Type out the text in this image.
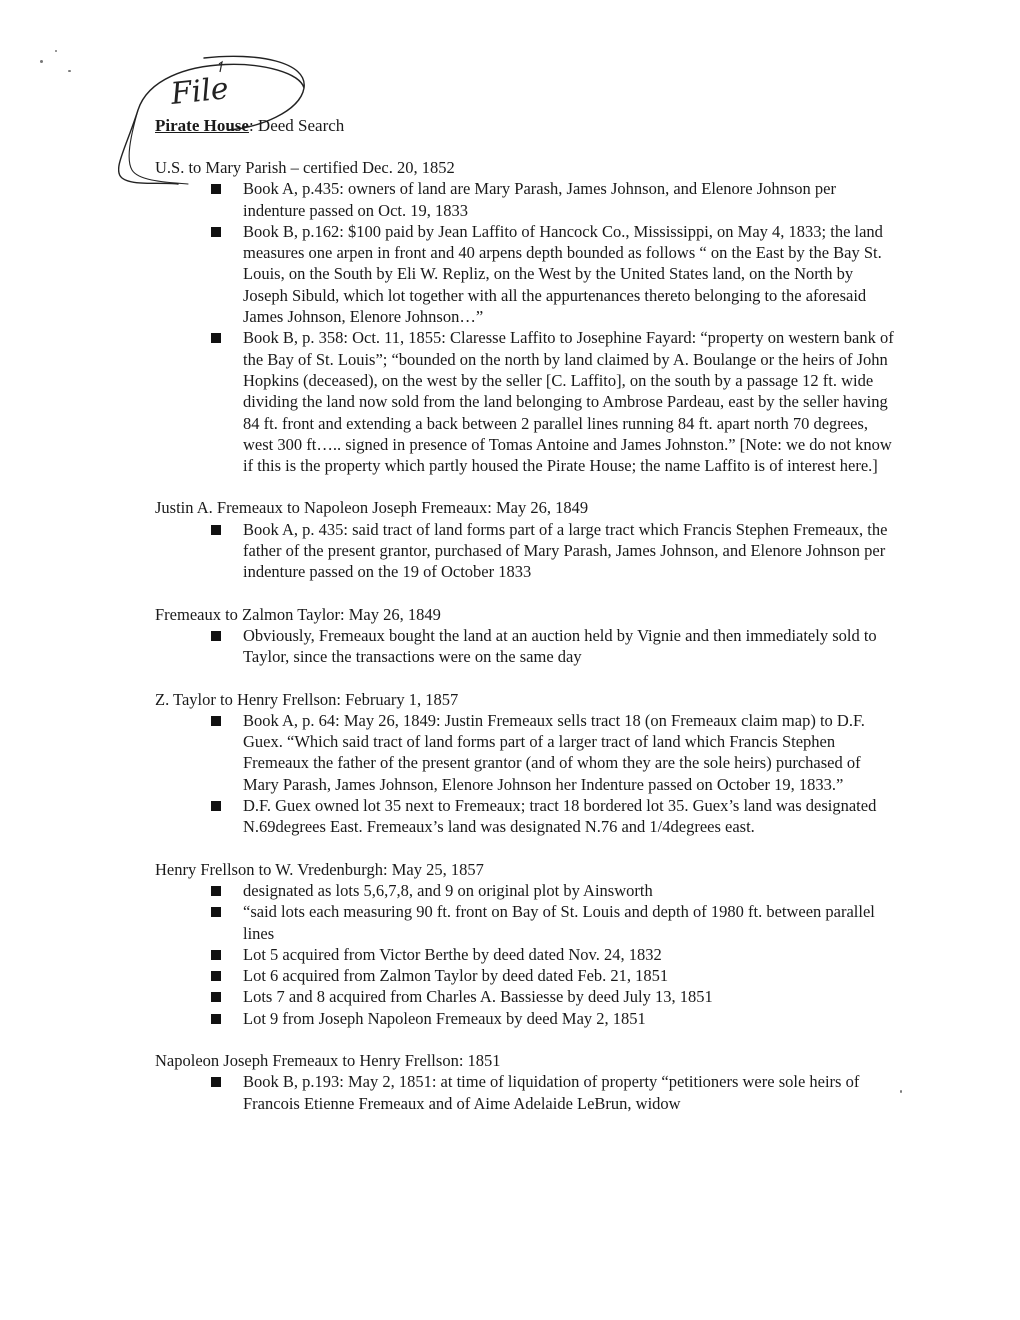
File
Pirate House: Deed Search

U.S. to Mary Parish – certified Dec. 20, 1852

Book A, p.435: owners of land are Mary Parash, James Johnson, and Elenore Johnson per indenture passed on Oct. 19, 1833
Book B, p.162: $100 paid by Jean Laffito of Hancock Co., Mississippi, on May 4, 1833; the land measures one arpen in front and 40 arpens depth bounded as follows “ on the East by the Bay St. Louis, on the South by Eli W. Repliz, on the West by the United States land, on the North by Joseph Sibuld, which lot together with all the appurtenances thereto belonging to the aforesaid James Johnson, Elenore Johnson…”
Book B, p. 358: Oct. 11, 1855: Claresse Laffito to Josephine Fayard: “property on western bank of the Bay of St. Louis”; “bounded on the north by land claimed by A. Boulange or the heirs of John Hopkins (deceased), on the west by the seller [C. Laffito], on the south by a passage 12 ft. wide dividing the land now sold from the land belonging to Ambrose Pardeau, east by the seller having 84 ft. front and extending a back between 2 parallel lines running 84 ft. apart north 70 degrees, west 300 ft….. signed in presence of Tomas Antoine and James Johnston.” [Note: we do not know if this is the property which partly housed the Pirate House; the name Laffito is of interest here.]

Justin A. Fremeaux to Napoleon Joseph Fremeaux: May 26, 1849

Book A, p. 435: said tract of land forms part of a large tract which Francis Stephen Fremeaux, the father of the present grantor, purchased of Mary Parash, James Johnson, and Elenore Johnson per indenture passed on the 19 of October 1833

Fremeaux to Zalmon Taylor: May 26, 1849

Obviously, Fremeaux bought the land at an auction held by Vignie and then immediately sold to Taylor, since the transactions were on the same day

Z. Taylor to Henry Frellson: February 1, 1857

Book A, p. 64: May 26, 1849: Justin Fremeaux sells tract 18 (on Fremeaux claim map) to D.F. Guex. “Which said tract of land forms part of a larger tract of land which Francis Stephen Fremeaux the father of the present grantor (and of whom they are the sole heirs) purchased of Mary Parash, James Johnson, Elenore Johnson her Indenture passed on October 19, 1833.”
D.F. Guex owned lot 35 next to Fremeaux; tract 18 bordered lot 35. Guex’s land was designated N.69degrees East. Fremeaux’s land was designated N.76 and 1/4degrees east.

Henry Frellson to W. Vredenburgh: May 25, 1857

designated as lots 5,6,7,8, and 9 on original plot by Ainsworth
“said lots each measuring 90 ft. front on Bay of St. Louis and depth of 1980 ft. between parallel lines
Lot 5 acquired from Victor Berthe by deed dated Nov. 24, 1832
Lot 6 acquired from Zalmon Taylor by deed dated Feb. 21, 1851
Lots 7 and 8 acquired from Charles A. Bassiesse by deed July 13, 1851
Lot 9 from Joseph Napoleon Fremeaux by deed May 2, 1851

Napoleon Joseph Fremeaux to Henry Frellson: 1851

Book B, p.193: May 2, 1851: at time of liquidation of property “petitioners were sole heirs of Francois Etienne Fremeaux and of Aime Adelaide LeBrun, widow
